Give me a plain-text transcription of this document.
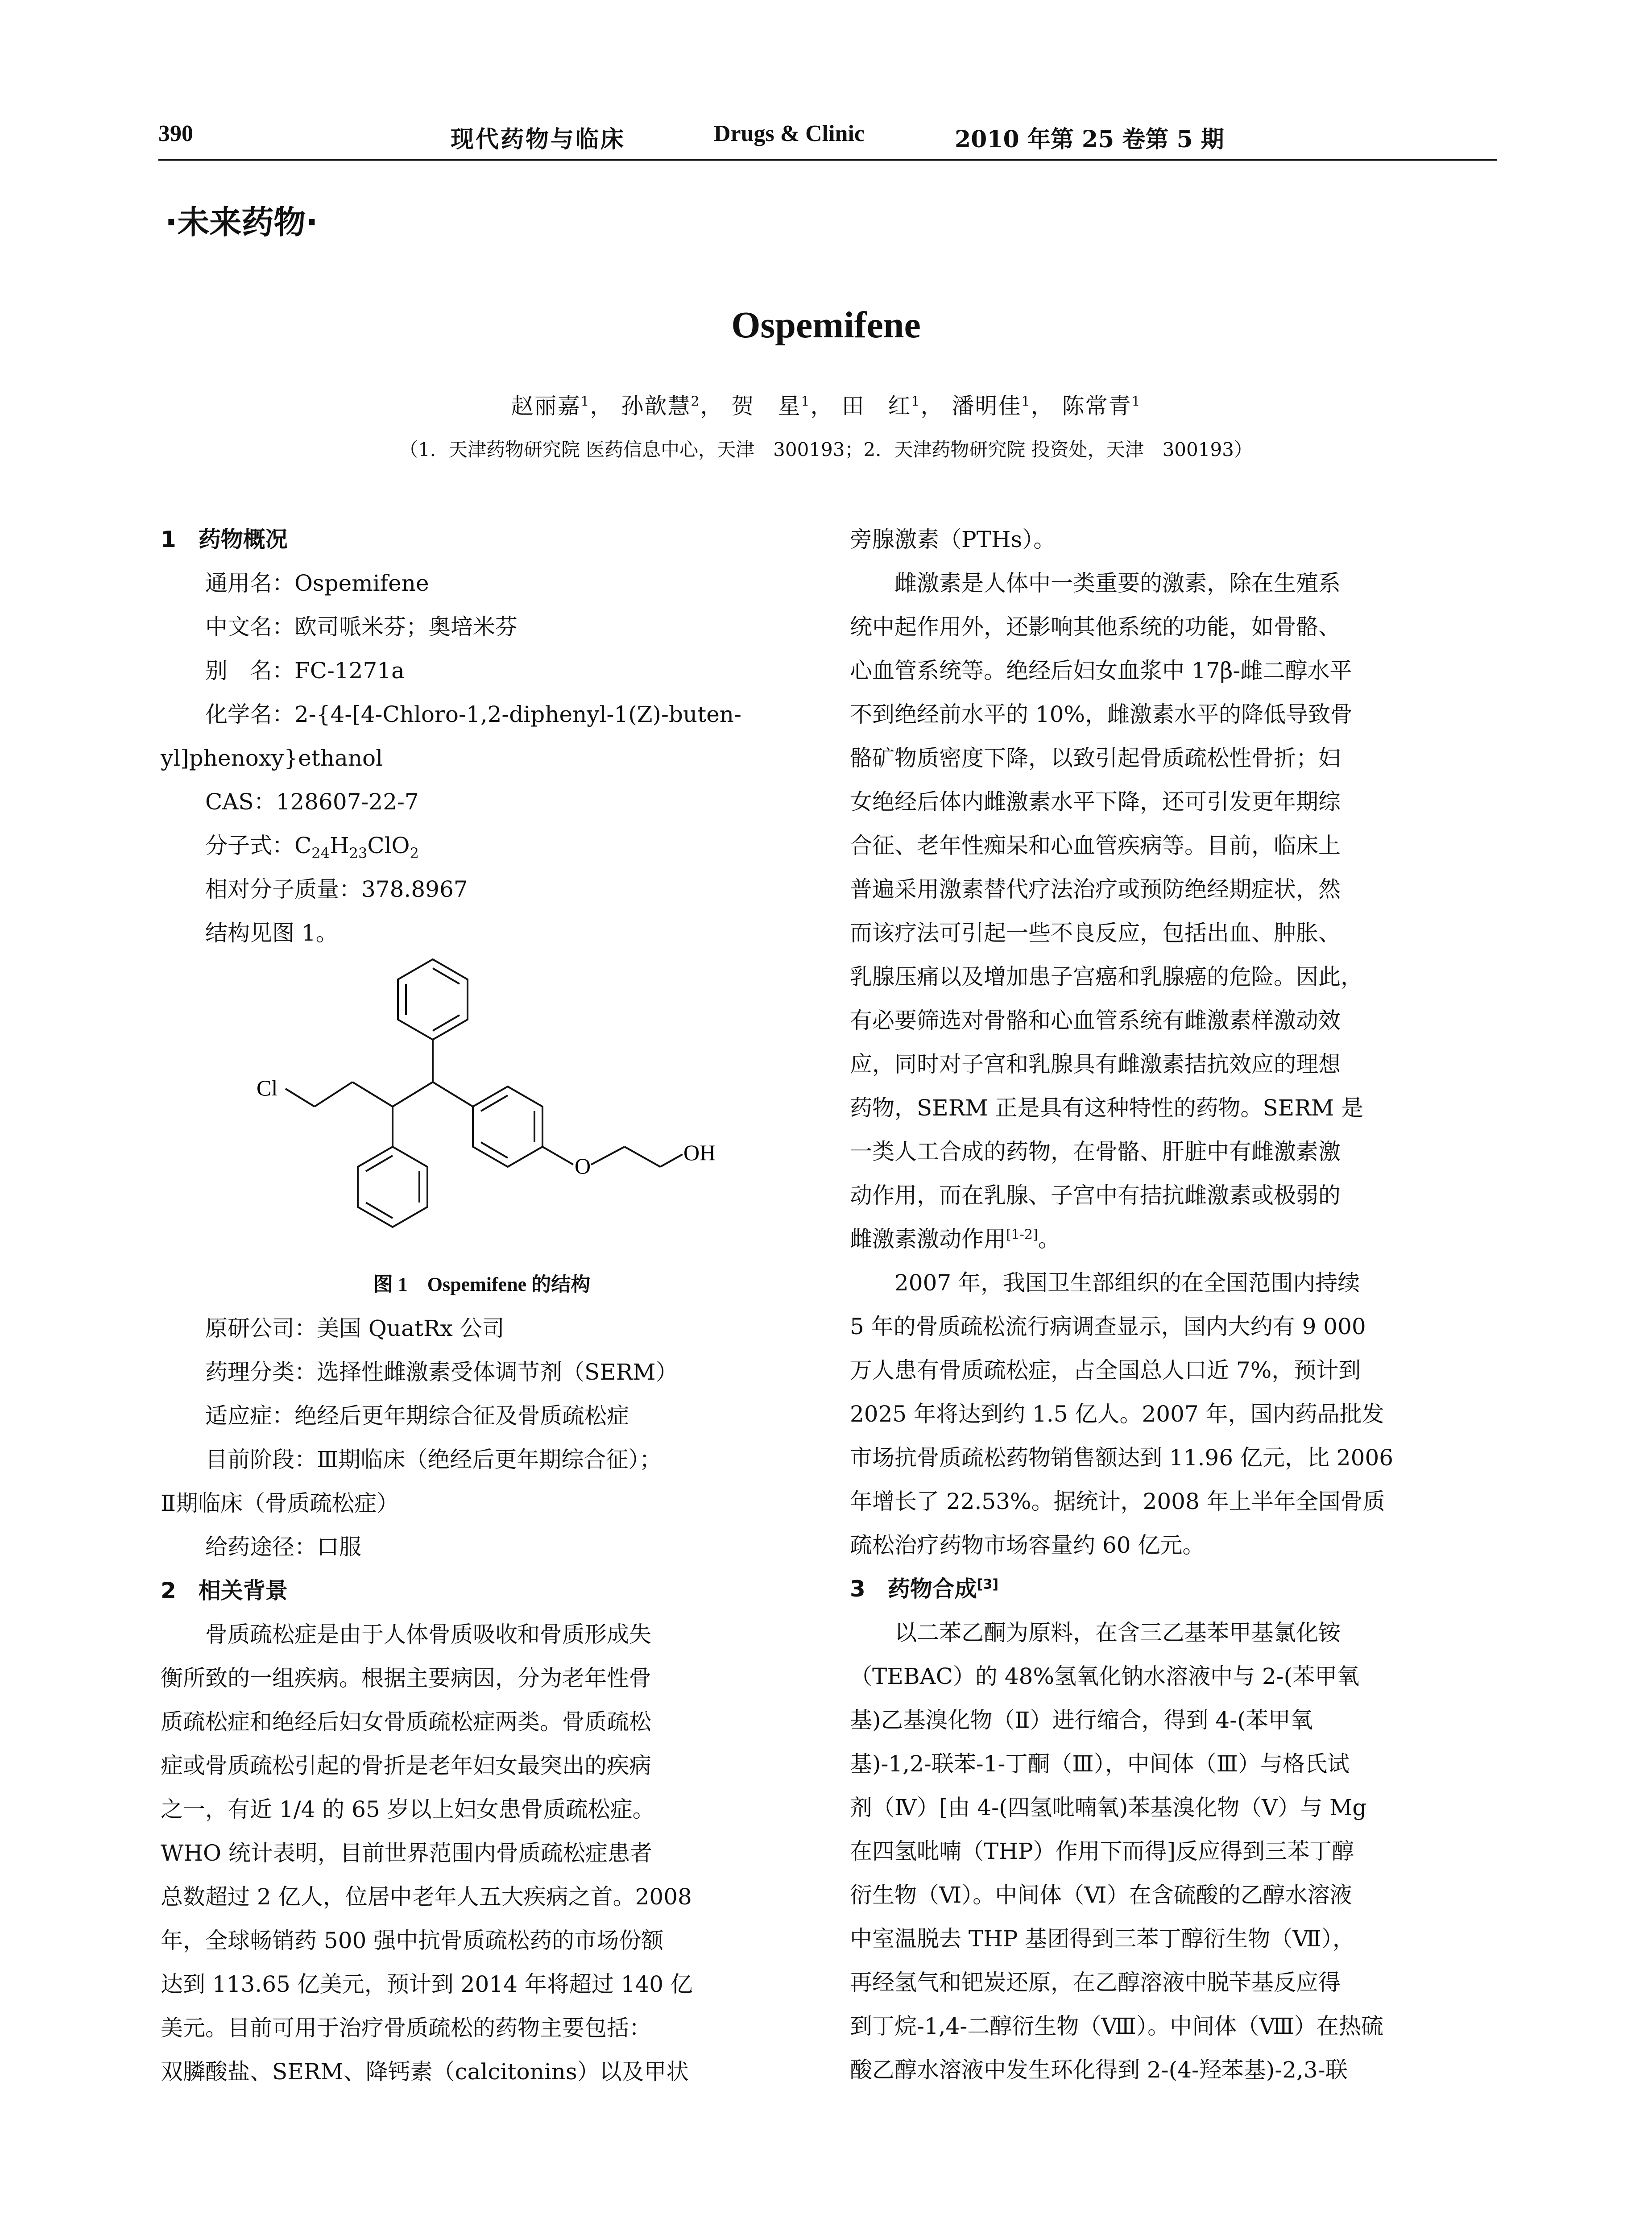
390	现代药物与临床	Drugs & Clinic	2010 年第 25 卷第 5 期
·未来药物·
Ospemifene
赵丽嘉$^1$， 孙歆慧$^2$， 贺　星$^1$， 田　红$^1$， 潘明佳$^1$， 陈常青$^1$
（1．天津药物研究院 医药信息中心，天津　300193；2．天津药物研究院 投资处，天津　300193）

1　药物概况

通用名：Ospemifene

中文名：欧司哌米芬；奥培米芬

别　名：FC-1271a

化学名：2-{4-[4-Chloro-1,2-diphenyl-1(Z)-buten-

yl]phenoxy}ethanol

CAS：128607-22-7

分子式：$C_{24}H_{23}ClO_2$

相对分子质量：378.8967

结构见图 1。

Cl
O
OH

图 1　Ospemifene 的结构

原研公司：美国 QuatRx 公司

药理分类：选择性雌激素受体调节剂（SERM）

适应症：绝经后更年期综合征及骨质疏松症

目前阶段：Ⅲ期临床（绝经后更年期综合征）；

Ⅱ期临床（骨质疏松症）

给药途径：口服

2　相关背景

骨质疏松症是由于人体骨质吸收和骨质形成失

衡所致的一组疾病。根据主要病因，分为老年性骨

质疏松症和绝经后妇女骨质疏松症两类。骨质疏松

症或骨质疏松引起的骨折是老年妇女最突出的疾病

之一，有近 1/4 的 65 岁以上妇女患骨质疏松症。

WHO 统计表明，目前世界范围内骨质疏松症患者

总数超过 2 亿人，位居中老年人五大疾病之首。2008

年，全球畅销药 500 强中抗骨质疏松药的市场份额

达到 113.65 亿美元，预计到 2014 年将超过 140 亿

美元。目前可用于治疗骨质疏松的药物主要包括：

双膦酸盐、SERM、降钙素（calcitonins）以及甲状

旁腺激素（PTHs）。

雌激素是人体中一类重要的激素，除在生殖系

统中起作用外，还影响其他系统的功能，如骨骼、

心血管系统等。绝经后妇女血浆中 17β-雌二醇水平

不到绝经前水平的 10%，雌激素水平的降低导致骨

骼矿物质密度下降，以致引起骨质疏松性骨折；妇

女绝经后体内雌激素水平下降，还可引发更年期综

合征、老年性痴呆和心血管疾病等。目前，临床上

普遍采用激素替代疗法治疗或预防绝经期症状，然

而该疗法可引起一些不良反应，包括出血、肿胀、

乳腺压痛以及增加患子宫癌和乳腺癌的危险。因此，

有必要筛选对骨骼和心血管系统有雌激素样激动效

应，同时对子宫和乳腺具有雌激素拮抗效应的理想

药物，SERM 正是具有这种特性的药物。SERM 是

一类人工合成的药物，在骨骼、肝脏中有雌激素激

动作用，而在乳腺、子宫中有拮抗雌激素或极弱的

雌激素激动作用[1-2]。

2007 年，我国卫生部组织的在全国范围内持续

5 年的骨质疏松流行病调查显示，国内大约有 9 000

万人患有骨质疏松症，占全国总人口近 7%，预计到

2025 年将达到约 1.5 亿人。2007 年，国内药品批发

市场抗骨质疏松药物销售额达到 11.96 亿元，比 2006

年增长了 22.53%。据统计，2008 年上半年全国骨质

疏松治疗药物市场容量约 60 亿元。

3　药物合成[3]

以二苯乙酮为原料，在含三乙基苯甲基氯化铵

（TEBAC）的 48%氢氧化钠水溶液中与 2-(苯甲氧

基)乙基溴化物（Ⅱ）进行缩合，得到 4-(苯甲氧

基)-1,2-联苯-1-丁酮（Ⅲ），中间体（Ⅲ）与格氏试

剂（Ⅳ）[由 4-(四氢吡喃氧)苯基溴化物（Ⅴ）与 Mg

在四氢吡喃（THP）作用下而得]反应得到三苯丁醇

衍生物（Ⅵ）。中间体（Ⅵ）在含硫酸的乙醇水溶液

中室温脱去 THP 基团得到三苯丁醇衍生物（Ⅶ），

再经氢气和钯炭还原，在乙醇溶液中脱苄基反应得

到丁烷-1,4-二醇衍生物（Ⅷ）。中间体（Ⅷ）在热硫

酸乙醇水溶液中发生环化得到 2-(4-羟苯基)-2,3-联
